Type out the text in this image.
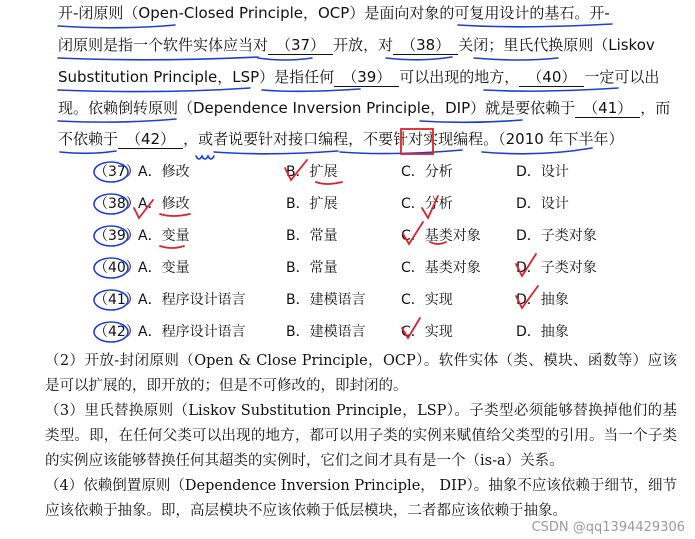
开-闭原则（Open-Closed Principle，OCP）是面向对象的可复用设计的基石。开-
闭原则是指一个软件实体应当对 （37） 开放，对 （38） 关闭；里氏代换原则（Liskov
Substitution Principle，LSP）是指任何 （39） 可以出现的地方， （40） 一定可以出
现。依赖倒转原则（Dependence Inversion Principle，DIP）就是要依赖于 （41） ，而
不依赖于 （42） ，或者说要针对接口编程，不要针对实现编程。（2010 年下半年）
（37）
A．修改	B．扩展	C．分析	D．设计
（38）
A．修改	B．扩展	C．分析	D．设计
（39）
A．变量	B．常量	C．基类对象	D．子类对象
（40）
A．变量	B．常量	C．基类对象	D．子类对象
（41）
A．程序设计语言	B．建模语言	C．实现	D．抽象
（42）
A．程序设计语言	B．建模语言	C．实现	D．抽象

（2）开放-封闭原则（Open & Close Principle，OCP）。软件实体（类、模块、函数等）应该是可以扩展的，即开放的；但是不可修改的，即封闭的。

（3）里氏替换原则（Liskov Substitution Principle，LSP）。子类型必须能够替换掉他们的基类型。即，在任何父类可以出现的地方，都可以用子类的实例来赋值给父类型的引用。当一个子类的实例应该能够替换任何其超类的实例时，它们之间才具有是一个（is-a）关系。

（4）依赖倒置原则（Dependence Inversion Principle， DIP）。抽象不应该依赖于细节，细节应该依赖于抽象。即，高层模块不应该依赖于低层模块，二者都应该依赖于抽象。

CSDN @qq1394429306
